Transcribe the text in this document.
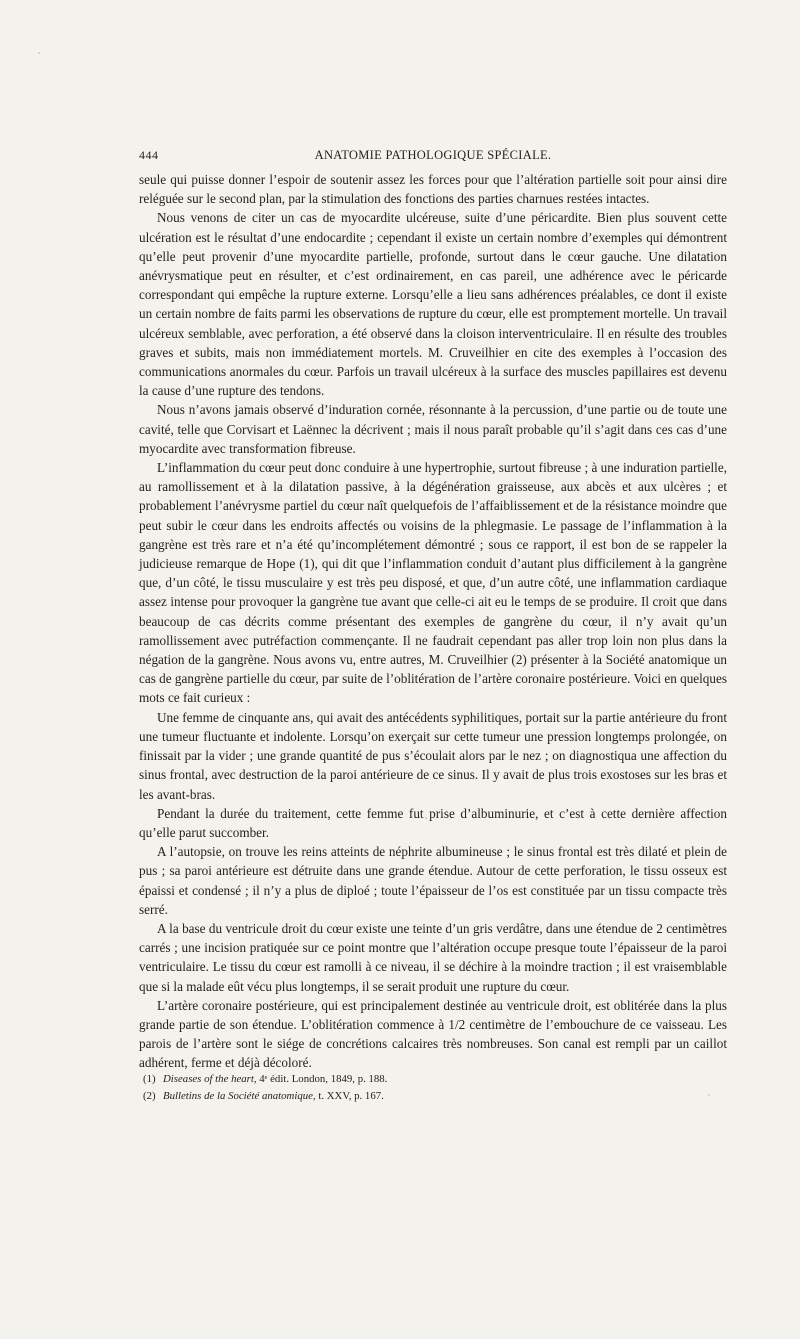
444	ANATOMIE PATHOLOGIQUE SPÉCIALE.

seule qui puisse donner l’espoir de soutenir assez les forces pour que l’altération partielle soit pour ainsi dire reléguée sur le second plan, par la stimulation des fonctions des parties charnues restées intactes.

Nous venons de citer un cas de myocardite ulcéreuse, suite d’une péricardite. Bien plus souvent cette ulcération est le résultat d’une endocardite ; cependant il existe un certain nombre d’exemples qui démontrent qu’elle peut provenir d’une myocardite partielle, profonde, surtout dans le cœur gauche. Une dilatation anévrysmatique peut en résulter, et c’est ordinairement, en cas pareil, une adhérence avec le péricarde correspondant qui empêche la rupture externe. Lorsqu’elle a lieu sans adhérences préalables, ce dont il existe un certain nombre de faits parmi les observations de rupture du cœur, elle est promptement mortelle. Un travail ulcéreux semblable, avec perforation, a été observé dans la cloison interventriculaire. Il en résulte des troubles graves et subits, mais non immédiatement mortels. M. Cruveilhier en cite des exemples à l’occasion des communications anormales du cœur. Parfois un travail ulcéreux à la surface des muscles papillaires est devenu la cause d’une rupture des tendons.

Nous n’avons jamais observé d’induration cornée, résonnante à la percussion, d’une partie ou de toute une cavité, telle que Corvisart et Laënnec la décrivent ; mais il nous paraît probable qu’il s’agit dans ces cas d’une myocardite avec transformation fibreuse.

L’inflammation du cœur peut donc conduire à une hypertrophie, surtout fibreuse ; à une induration partielle, au ramollissement et à la dilatation passive, à la dégénération graisseuse, aux abcès et aux ulcères ; et probablement l’anévrysme partiel du cœur naît quelquefois de l’affaiblissement et de la résistance moindre que peut subir le cœur dans les endroits affectés ou voisins de la phlegmasie. Le passage de l’inflammation à la gangrène est très rare et n’a été qu’incomplétement démontré ; sous ce rapport, il est bon de se rappeler la judicieuse remarque de Hope (1), qui dit que l’inflammation conduit d’autant plus difficilement à la gangrène que, d’un côté, le tissu musculaire y est très peu disposé, et que, d’un autre côté, une inflammation cardiaque assez intense pour provoquer la gangrène tue avant que celle-ci ait eu le temps de se produire. Il croit que dans beaucoup de cas décrits comme présentant des exemples de gangrène du cœur, il n’y avait qu’un ramollissement avec putréfaction commençante. Il ne faudrait cependant pas aller trop loin non plus dans la négation de la gangrène. Nous avons vu, entre autres, M. Cruveilhier (2) présenter à la Société anatomique un cas de gangrène partielle du cœur, par suite de l’oblitération de l’artère coronaire postérieure. Voici en quelques mots ce fait curieux :

Une femme de cinquante ans, qui avait des antécédents syphilitiques, portait sur la partie antérieure du front une tumeur fluctuante et indolente. Lorsqu’on exerçait sur cette tumeur une pression longtemps prolongée, on finissait par la vider ; une grande quantité de pus s’écoulait alors par le nez ; on diagnostiqua une affection du sinus frontal, avec destruction de la paroi antérieure de ce sinus. Il y avait de plus trois exostoses sur les bras et les avant-bras.

Pendant la durée du traitement, cette femme fut prise d’albuminurie, et c’est à cette dernière affection qu’elle parut succomber.

A l’autopsie, on trouve les reins atteints de néphrite albumineuse ; le sinus frontal est très dilaté et plein de pus ; sa paroi antérieure est détruite dans une grande étendue. Autour de cette perforation, le tissu osseux est épaissi et condensé ; il n’y a plus de diploé ; toute l’épaisseur de l’os est constituée par un tissu compacte très serré.

A la base du ventricule droit du cœur existe une teinte d’un gris verdâtre, dans une étendue de 2 centimètres carrés ; une incision pratiquée sur ce point montre que l’altération occupe presque toute l’épaisseur de la paroi ventriculaire. Le tissu du cœur est ramolli à ce niveau, il se déchire à la moindre traction ; il est vraisemblable que si la malade eût vécu plus longtemps, il se serait produit une rupture du cœur.

L’artère coronaire postérieure, qui est principalement destinée au ventricule droit, est oblitérée dans la plus grande partie de son étendue. L’oblitération commence à 1/2 centimètre de l’embouchure de ce vaisseau. Les parois de l’artère sont le siége de concrétions calcaires très nombreuses. Son canal est rempli par un caillot adhérent, ferme et déjà décoloré.

(1) Diseases of the heart, 4ᵉ édit. London, 1849, p. 188.

(2) Bulletins de la Société anatomique, t. XXV, p. 167.
